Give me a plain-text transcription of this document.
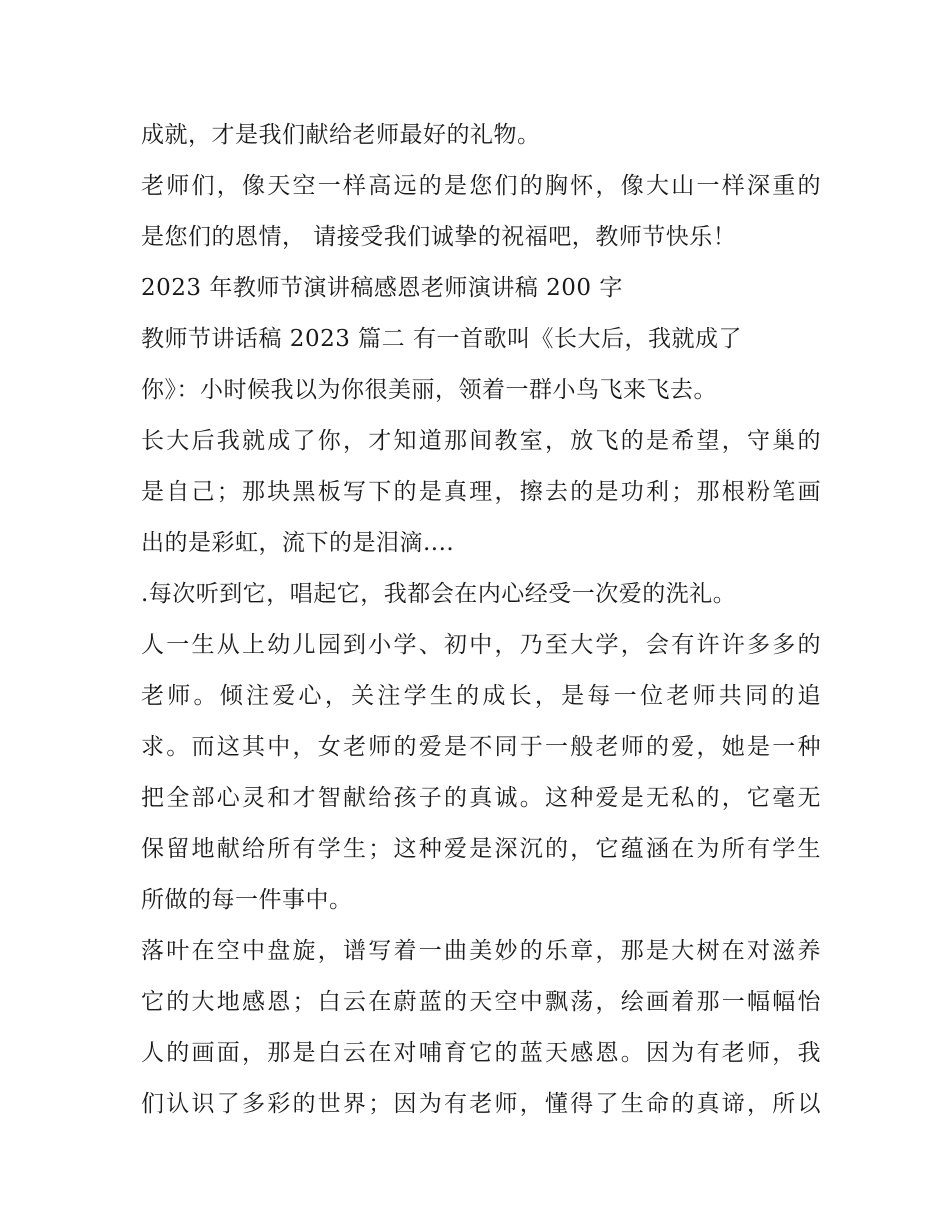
成就，才是我们献给老师最好的礼物。
老师们，像天空一样高远的是您们的胸怀，像大山一样深重的
是您们的恩情， 请接受我们诚挚的祝福吧，教师节快乐！
2023 年教师节演讲稿感恩老师演讲稿 200 字
教师节讲话稿 2023 篇二 有一首歌叫《长大后，我就成了
你》：小时候我以为你很美丽，领着一群小鸟飞来飞去。
长大后我就成了你，才知道那间教室，放飞的是希望，守巢的
是自己；那块黑板写下的是真理，擦去的是功利；那根粉笔画
出的是彩虹，流下的是泪滴....
.每次听到它，唱起它，我都会在内心经受一次爱的洗礼。
人一生从上幼儿园到小学、初中，乃至大学，会有许许多多的
老师。倾注爱心，关注学生的成长，是每一位老师共同的追
求。而这其中，女老师的爱是不同于一般老师的爱，她是一种
把全部心灵和才智献给孩子的真诚。这种爱是无私的，它毫无
保留地献给所有学生；这种爱是深沉的，它蕴涵在为所有学生
所做的每一件事中。
落叶在空中盘旋，谱写着一曲美妙的乐章，那是大树在对滋养
它的大地感恩；白云在蔚蓝的天空中飘荡，绘画着那一幅幅怡
人的画面，那是白云在对哺育它的蓝天感恩。因为有老师，我
们认识了多彩的世界；因为有老师，懂得了生命的真谛，所以
